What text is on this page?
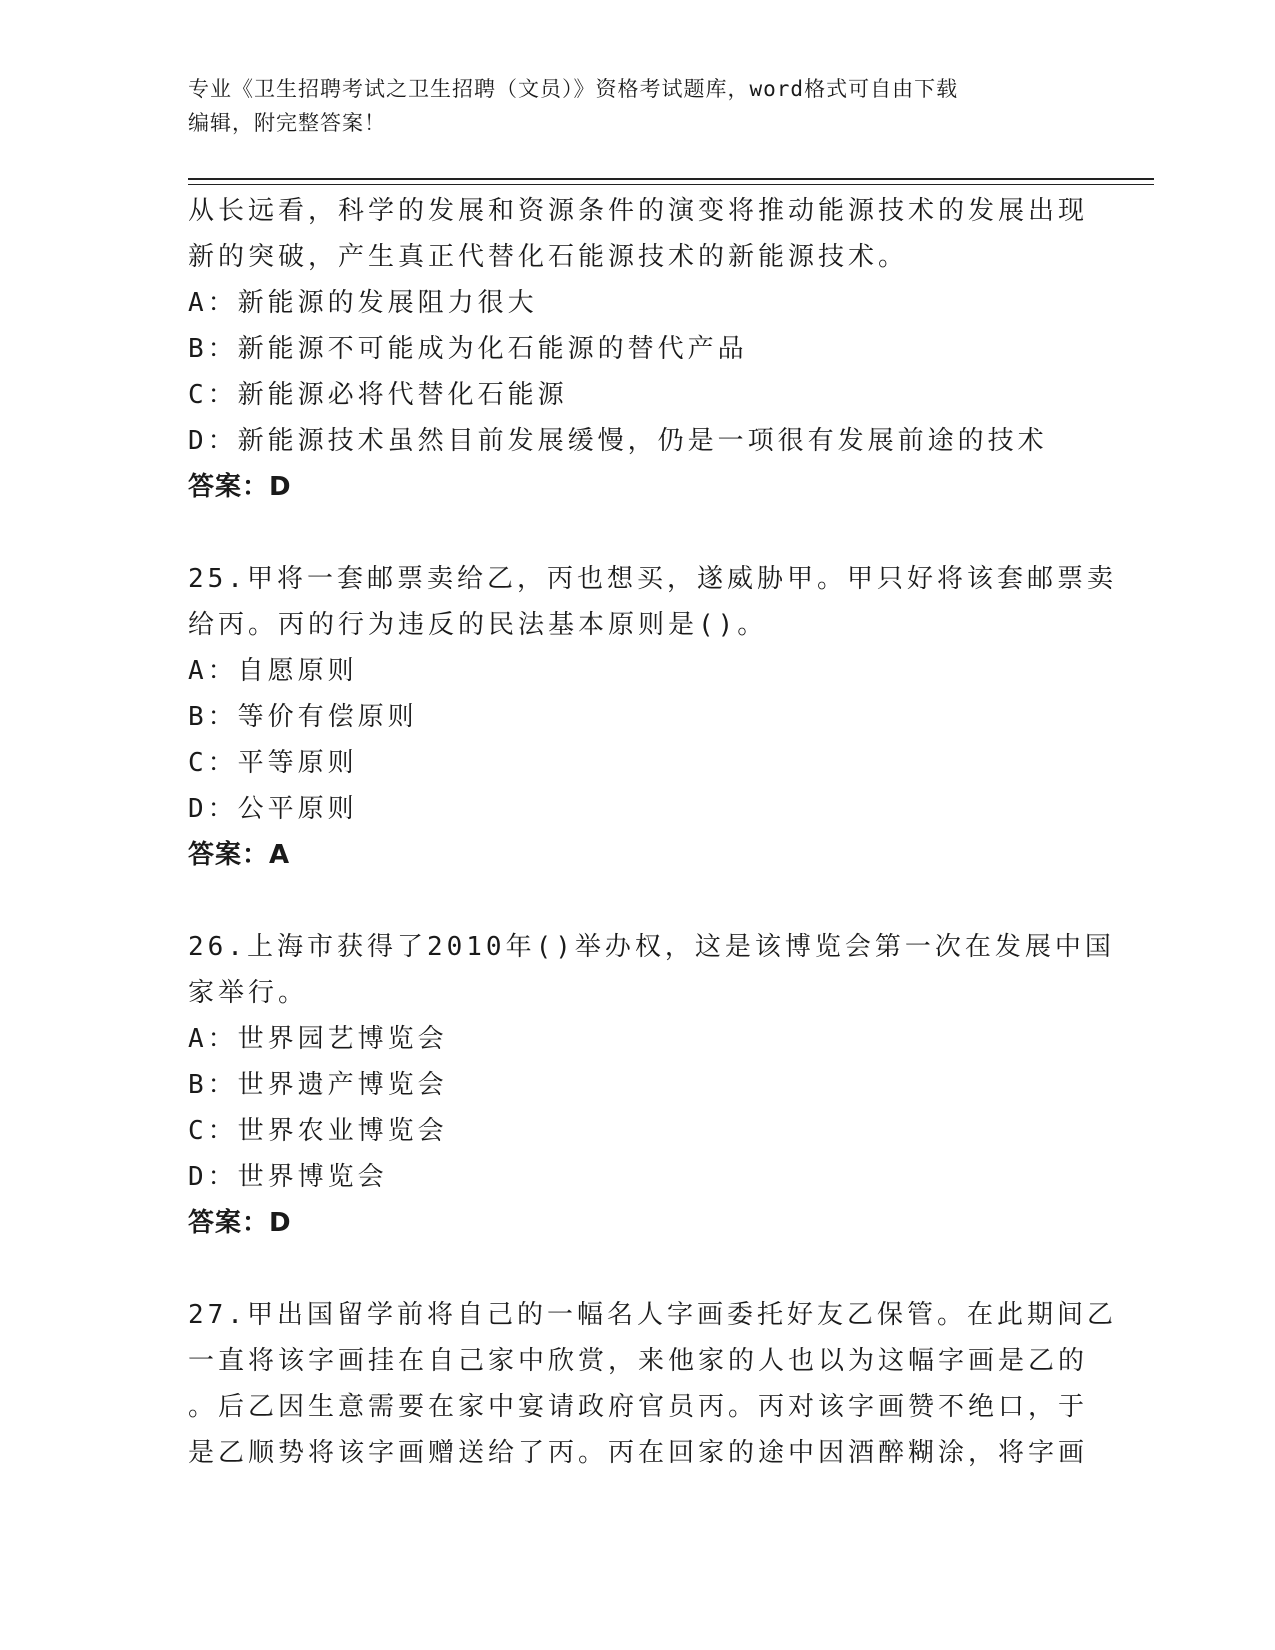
专业《卫生招聘考试之卫生招聘（文员）》资格考试题库，word格式可自由下载
编辑，附完整答案！
从长远看，科学的发展和资源条件的演变将推动能源技术的发展出现
新的突破，产生真正代替化石能源技术的新能源技术。
A：新能源的发展阻力很大
B：新能源不可能成为化石能源的替代产品
C：新能源必将代替化石能源
D：新能源技术虽然目前发展缓慢，仍是一项很有发展前途的技术
答案：D
25.甲将一套邮票卖给乙，丙也想买，遂威胁甲。甲只好将该套邮票卖
给丙。丙的行为违反的民法基本原则是()。
A：自愿原则
B：等价有偿原则
C：平等原则
D：公平原则
答案：A
26.上海市获得了2010年()举办权，这是该博览会第一次在发展中国
家举行。
A：世界园艺博览会
B：世界遗产博览会
C：世界农业博览会
D：世界博览会
答案：D
27.甲出国留学前将自己的一幅名人字画委托好友乙保管。在此期间乙
一直将该字画挂在自己家中欣赏，来他家的人也以为这幅字画是乙的
。后乙因生意需要在家中宴请政府官员丙。丙对该字画赞不绝口，于
是乙顺势将该字画赠送给了丙。丙在回家的途中因酒醉糊涂，将字画
